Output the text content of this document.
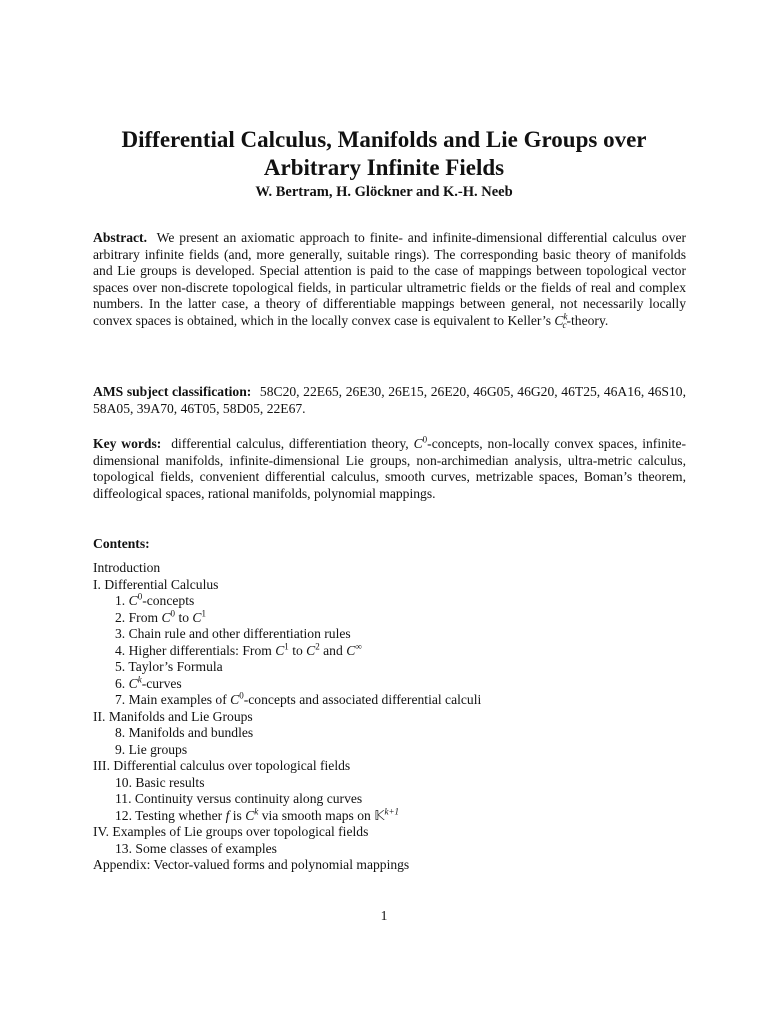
Differential Calculus, Manifolds and Lie Groups over
Arbitrary Infinite Fields
W. Bertram, H. Glöckner and K.-H. Neeb
Abstract. We present an axiomatic approach to finite- and infinite-dimensional differential calculus over arbitrary infinite fields (and, more generally, suitable rings). The corresponding basic theory of manifolds and Lie groups is developed. Special attention is paid to the case of mappings between topological vector spaces over non-discrete topological fields, in particular ultrametric fields or the fields of real and complex numbers. In the latter case, a theory of differentiable mappings between general, not necessarily locally convex spaces is obtained, which in the locally convex case is equivalent to Keller’s $C^k_c$-theory.
AMS subject classification: 58C20, 22E65, 26E30, 26E15, 26E20, 46G05, 46G20, 46T25, 46A16, 46S10, 58A05, 39A70, 46T05, 58D05, 22E67.
Key words: differential calculus, differentiation theory, $C^0$-concepts, non-locally convex spaces, infinite-dimensional manifolds, infinite-dimensional Lie groups, non-archimedian analysis, ultra-metric calculus, topological fields, convenient differential calculus, smooth curves, metrizable spaces, Boman’s theorem, diffeological spaces, rational manifolds, polynomial mappings.
Contents:
Introduction
I. Differential Calculus
1. $C^0$-concepts
2. From $C^0$ to $C^1$
3. Chain rule and other differentiation rules
4. Higher differentials: From $C^1$ to $C^2$ and C∞
5. Taylor’s Formula
6. $C^k$-curves
7. Main examples of $C^0$-concepts and associated differential calculi
II. Manifolds and Lie Groups
8. Manifolds and bundles
9. Lie groups
III. Differential calculus over topological fields
10. Basic results
11. Continuity versus continuity along curves
12. Testing whether f is $C^k$ via smooth maps on 𝕂$^{k+1}$
IV. Examples of Lie groups over topological fields
13. Some classes of examples
Appendix: Vector-valued forms and polynomial mappings
1
